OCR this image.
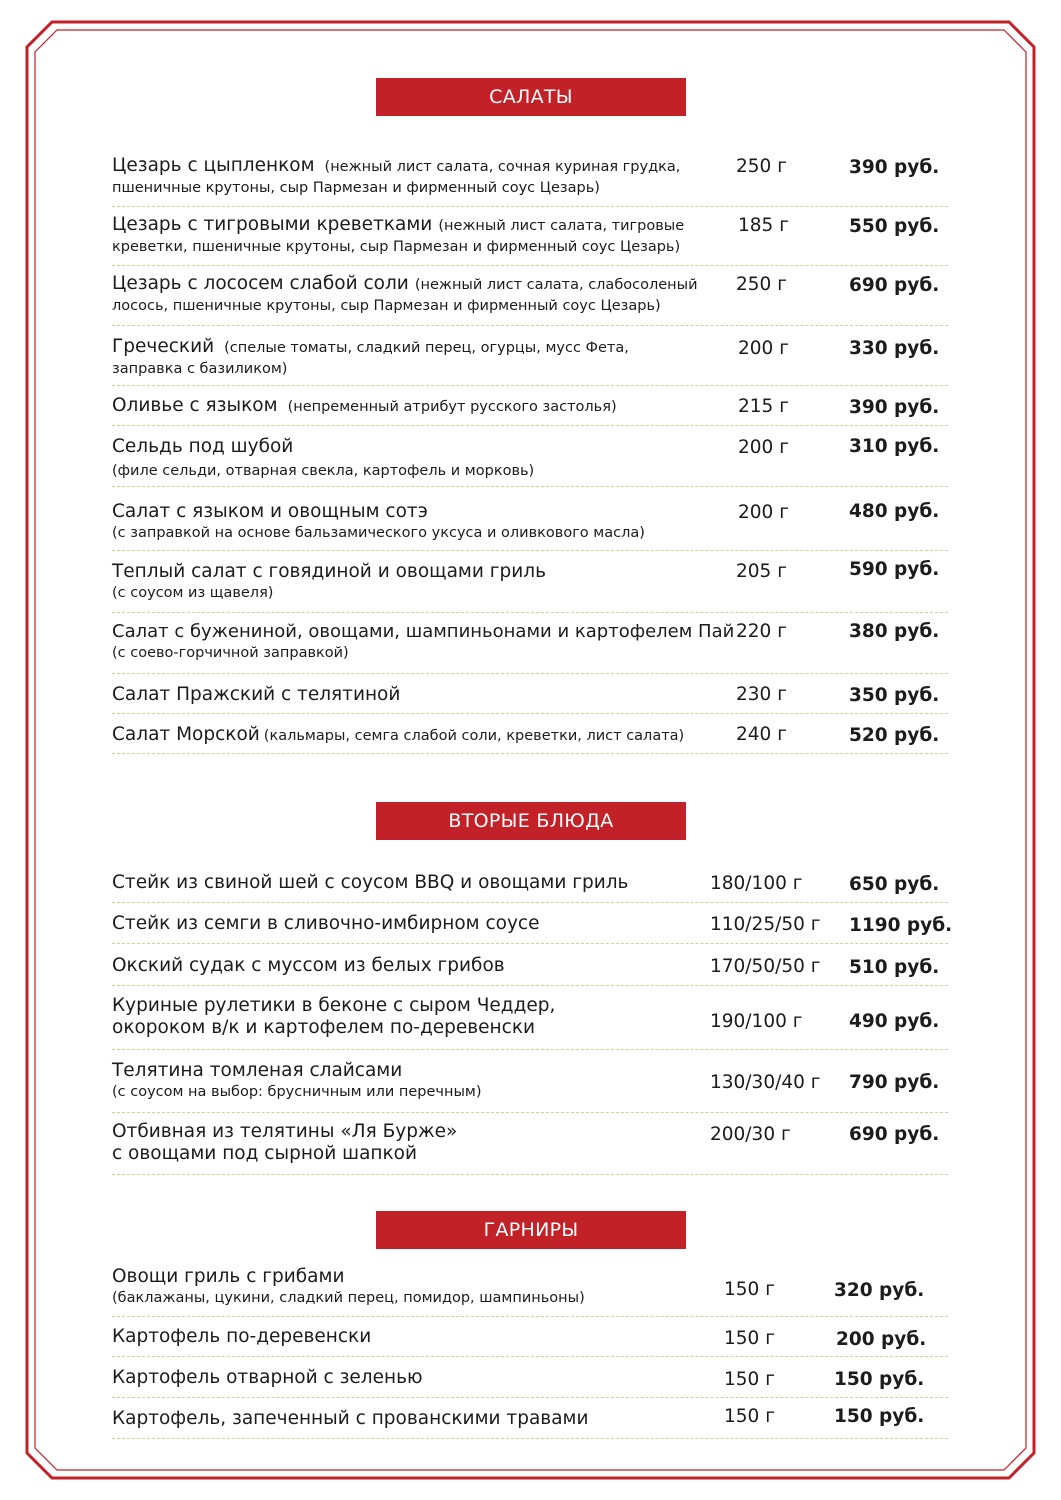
САЛАТЫ
Цезарь с цыпленком (нежный лист салата, сочная куриная грудка,
пшеничные крутоны, сыр Пармезан и фирменный соус Цезарь)
250 г	390 руб.
Цезарь с тигровыми креветками (нежный лист салата, тигровые
креветки, пшеничные крутоны, сыр Пармезан и фирменный соус Цезарь)
185 г	550 руб.
Цезарь с лососем слабой соли (нежный лист салата, слабосоленый
лосось, пшеничные крутоны, сыр Пармезан и фирменный соус Цезарь)
250 г	690 руб.
Греческий (спелые томаты, сладкий перец, огурцы, мусс Фета,
заправка с базиликом)
200 г	330 руб.
Оливье с языком (непременный атрибут русского застолья)	215 г	390 руб.
Сельдь под шубой
(филе сельди, отварная свекла, картофель и морковь)
200 г	310 руб.
Салат с языком и овощным сотэ
(с заправкой на основе бальзамического уксуса и оливкового масла)
200 г	480 руб.
Теплый салат с говядиной и овощами гриль
(с соусом из щавеля)
205 г	590 руб.
Салат с бужениной, овощами, шампиньонами и картофелем Пай
(с соево-горчичной заправкой)
220 г	380 руб.
Салат Пражский с телятиной	230 г	350 руб.
Салат Морской (кальмары, семга слабой соли, креветки, лист салата)	240 г	520 руб.
ВТОРЫЕ БЛЮДА
Стейк из свиной шей с соусом BBQ и овощами гриль	180/100 г	650 руб.
Стейк из семги в сливочно-имбирном соусе	110/25/50 г 1190 руб.
Окский судак с муссом из белых грибов	170/50/50 г 510 руб.
Куриные рулетики в беконе с сыром Чеддер,
окороком в/к и картофелем по-деревенски	190/100 г	490 руб.
Телятина томленая слайсами
(с соусом на выбор: брусничным или перечным)	130/30/40 г 790 руб.
Отбивная из телятины «Ля Бурже»
с овощами под сырной шапкой
200/30 г	690 руб.
ГАРНИРЫ
Овощи гриль с грибами
(баклажаны, цукини, сладкий перец, помидор, шампиньоны)	150 г	320 руб.
Картофель по-деревенски	150 г	200 руб.
Картофель отварной с зеленью	150 г	150 руб.
Картофель, запеченный с прованскими травами	150 г	150 руб.
